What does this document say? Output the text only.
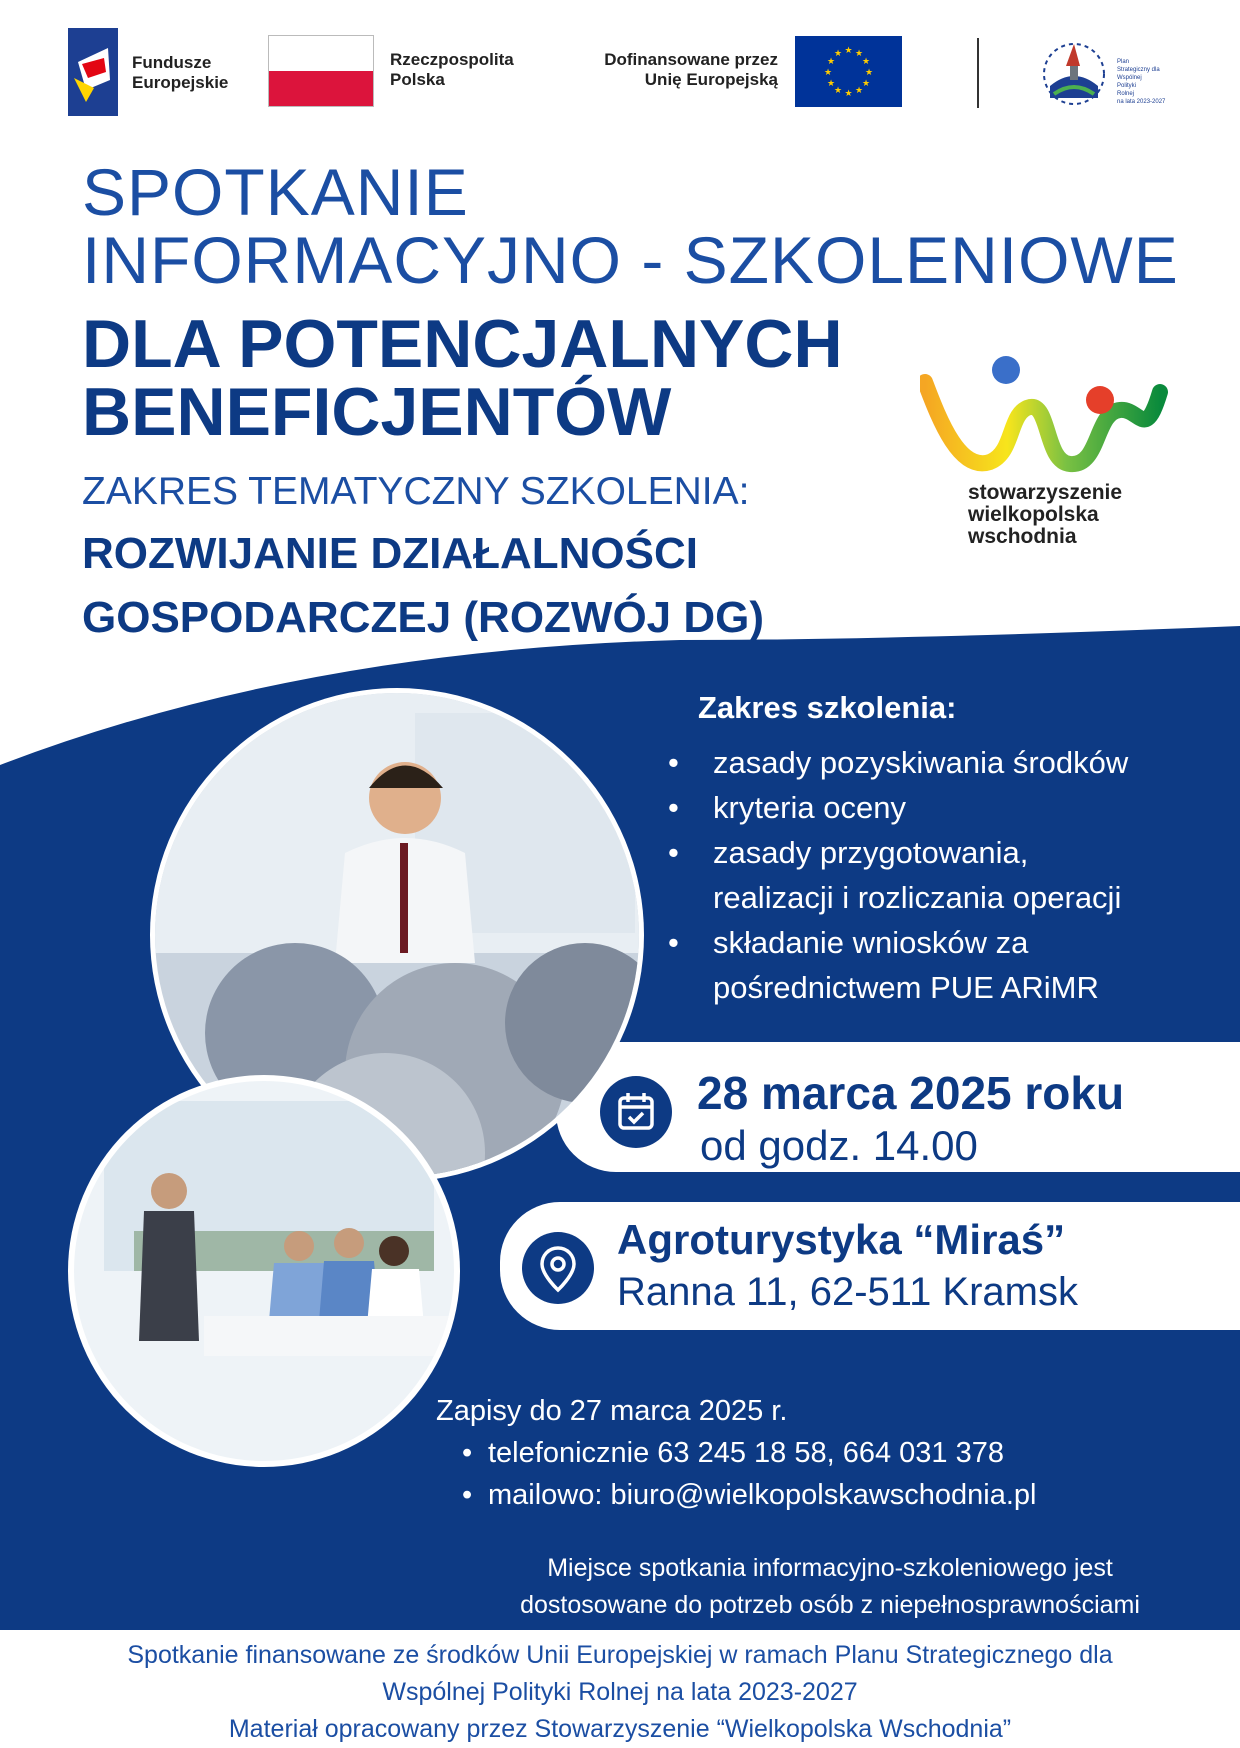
Fundusze
Europejskie
Rzeczpospolita
Polska
Dofinansowane przez
Unię Europejską
★ ★
★
★
★
★
★
★
★
★
★
★
Plan
Strategiczny dla
Wspólnej
Polityki
Rolnej
na lata 2023-2027
SPOTKANIE
INFORMACYJNO - SZKOLENIOWE
DLA POTENCJALNYCH
BENEFICJENTÓW
ZAKRES TEMATYCZNY SZKOLENIA:
ROZWIJANIE DZIAŁALNOŚCI
GOSPODARCZEJ (ROZWÓJ DG)
stowarzyszenie
wielkopolska
wschodnia
Zakres szkolenia:
• zasady pozyskiwania środków
• kryteria oceny
• zasady przygotowania,
realizacji i rozliczania operacji
• składanie wniosków za
pośrednictwem PUE ARiMR
28 marca 2025 roku
od godz. 14.00
Agroturystyka “Miraś”
Ranna 11, 62-511 Kramsk
Zapisy do 27 marca 2025 r.
• telefonicznie 63 245 18 58, 664 031 378
• mailowo: biuro@wielkopolskawschodnia.pl
Miejsce spotkania informacyjno-szkoleniowego jest
dostosowane do potrzeb osób z niepełnosprawnościami
Spotkanie finansowane ze środków Unii Europejskiej w ramach Planu Strategicznego dla
Wspólnej Polityki Rolnej na lata 2023-2027
Materiał opracowany przez Stowarzyszenie “Wielkopolska Wschodnia”
